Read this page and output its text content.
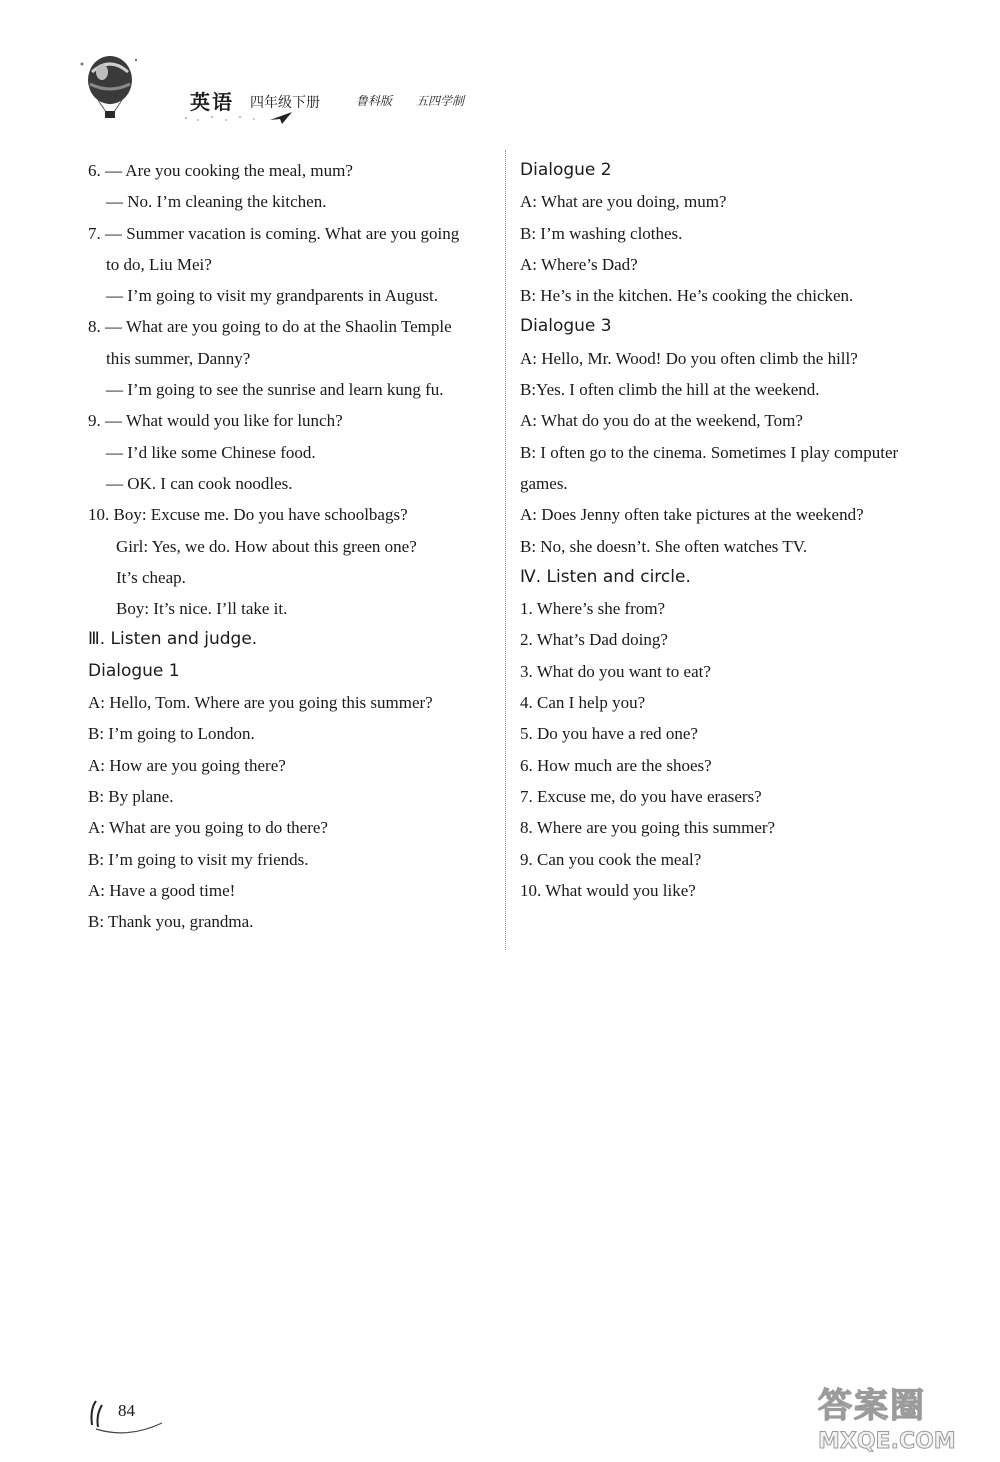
英语 四年级下册	鲁科版 五四学制
6. — Are you cooking the meal, mum?
— No. I’m cleaning the kitchen.
7. — Summer vacation is coming. What are you going
to do, Liu Mei?
— I’m going to visit my grandparents in August.
8. — What are you going to do at the Shaolin Temple
this summer, Danny?
— I’m going to see the sunrise and learn kung fu.
9. — What would you like for lunch?
— I’d like some Chinese food.
— OK. I can cook noodles.
10. Boy: Excuse me. Do you have schoolbags?
Girl: Yes, we do. How about this green one?
It’s cheap.
Boy: It’s nice. I’ll take it.
Ⅲ. Listen and judge.
Dialogue 1
A: Hello, Tom. Where are you going this summer?
B: I’m going to London.
A: How are you going there?
B: By plane.
A: What are you going to do there?
B: I’m going to visit my friends.
A: Have a good time!
B: Thank you, grandma.
Dialogue 2
A: What are you doing, mum?
B: I’m washing clothes.
A: Where’s Dad?
B: He’s in the kitchen. He’s cooking the chicken.
Dialogue 3
A: Hello, Mr. Wood! Do you often climb the hill?
B:Yes. I often climb the hill at the weekend.
A: What do you do at the weekend, Tom?
B: I often go to the cinema. Sometimes I play computer
games.
A: Does Jenny often take pictures at the weekend?
B: No, she doesn’t. She often watches TV.
Ⅳ. Listen and circle.
1. Where’s she from?
2. What’s Dad doing?
3. What do you want to eat?
4. Can I help you?
5. Do you have a red one?
6. How much are the shoes?
7. Excuse me, do you have erasers?
8. Where are you going this summer?
9. Can you cook the meal?
10. What would you like?
84	答案圈
MXQE.COM
